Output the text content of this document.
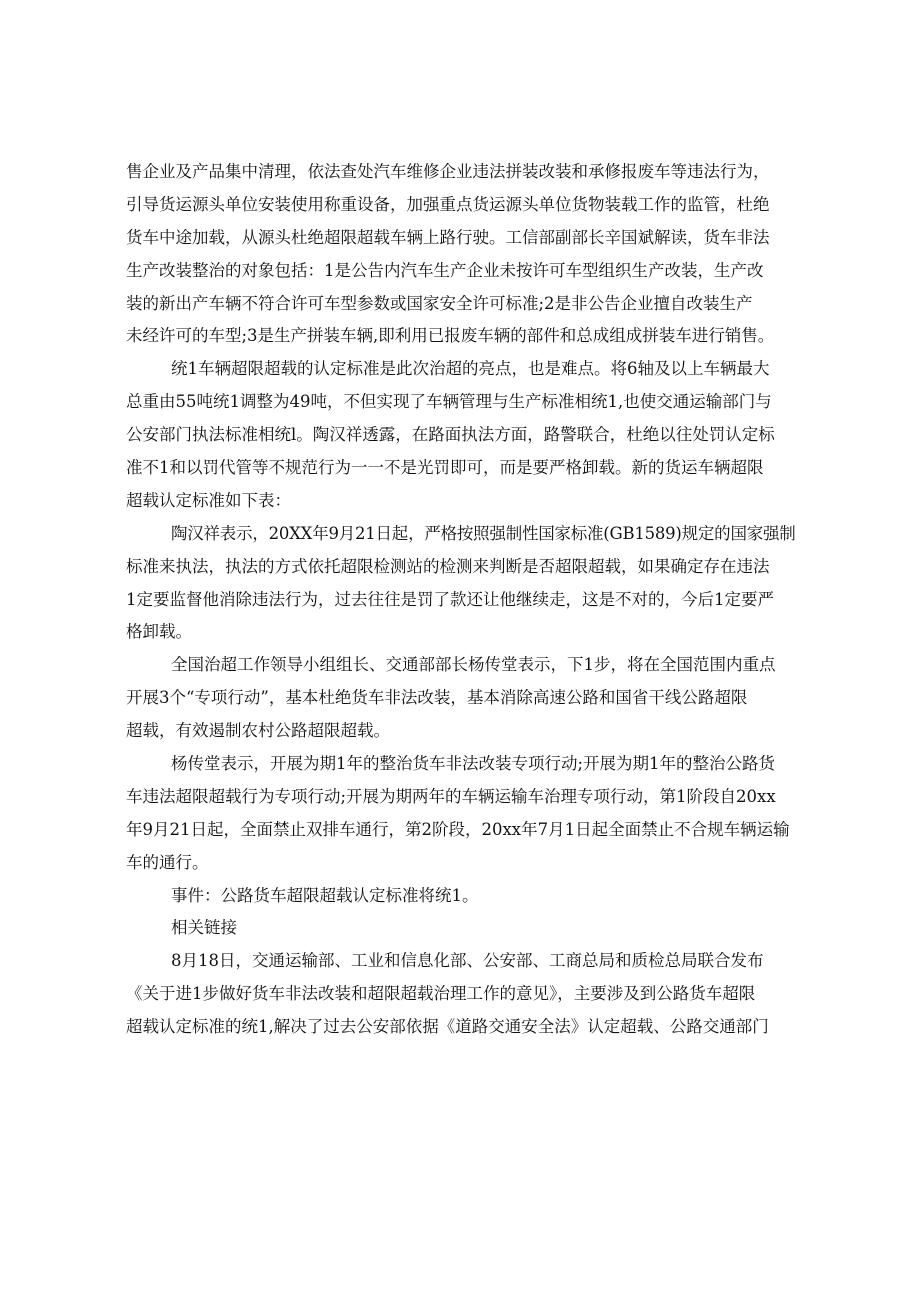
售企业及产品集中清理，依法查处汽车维修企业违法拼装改装和承修报废车等违法行为，
引导货运源头单位安装使用称重设备，加强重点货运源头单位货物装载工作的监管，杜绝
货车中途加载，从源头杜绝超限超载车辆上路行驶。工信部副部长辛国斌解读，货车非法
生产改装整治的对象包括：1是公告内汽车生产企业未按许可车型组织生产改装，生产改
装的新出产车辆不符合许可车型参数或国家安全许可标准;2是非公告企业擅自改装生产
未经许可的车型;3是生产拼装车辆,即利用已报废车辆的部件和总成组成拼装车进行销售。
统1车辆超限超载的认定标准是此次治超的亮点，也是难点。将6轴及以上车辆最大
总重由55吨统1调整为49吨，不但实现了车辆管理与生产标准相统1,也使交通运输部门与
公安部门执法标准相统l。陶汉祥透露，在路面执法方面，路警联合，杜绝以往处罚认定标
准不1和以罚代管等不规范行为一一不是光罚即可，而是要严格卸载。新的货运车辆超限
超载认定标准如下表：
陶汉祥表示，20XX年9月21日起，严格按照强制性国家标准(GB1589)规定的国家强制
标准来执法，执法的方式依托超限检测站的检测来判断是否超限超载，如果确定存在违法
1定要监督他消除违法行为，过去往往是罚了款还让他继续走，这是不对的，今后1定要严
格卸载。
全国治超工作领导小组组长、交通部部长杨传堂表示，下1步，将在全国范围内重点
开展3个“专项行动”，基本杜绝货车非法改装，基本消除高速公路和国省干线公路超限
超载，有效遏制农村公路超限超载。
杨传堂表示，开展为期1年的整治货车非法改装专项行动;开展为期1年的整治公路货
车违法超限超载行为专项行动;开展为期两年的车辆运输车治理专项行动，第1阶段自20xx
年9月21日起，全面禁止双排车通行，第2阶段，20xx年7月1日起全面禁止不合规车辆运输
车的通行。
事件：公路货车超限超载认定标准将统1。
相关链接
8月18日，交通运输部、工业和信息化部、公安部、工商总局和质检总局联合发布
《关于进1步做好货车非法改装和超限超载治理工作的意见》，主要涉及到公路货车超限
超载认定标准的统1,解决了过去公安部依据《道路交通安全法》认定超载、公路交通部门
